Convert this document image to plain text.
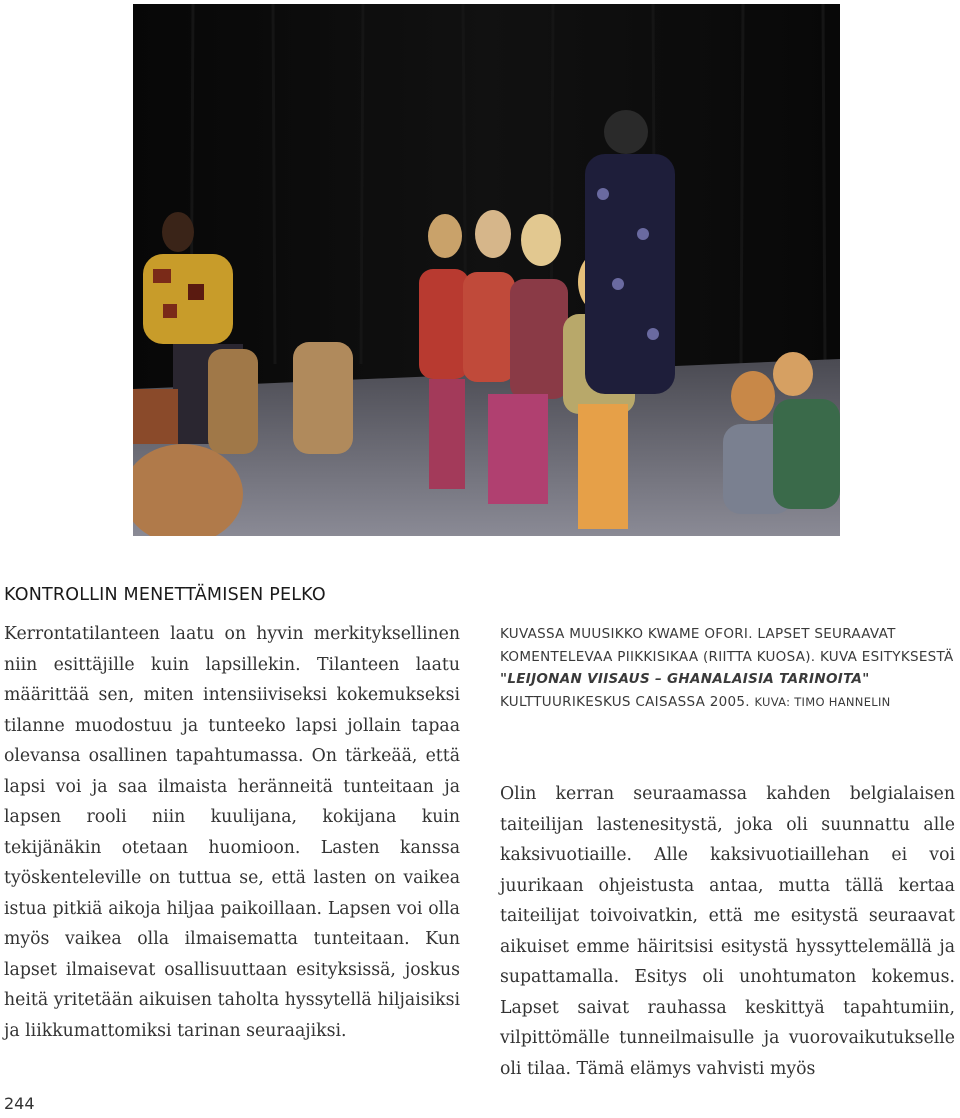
KONTROLLIN MENETTÄMISEN PELKO

Kerrontatilanteen laatu on hyvin merkityksellinen niin esittäjille kuin lapsillekin. Tilanteen laatu määrittää sen, miten intensiiviseksi kokemukseksi tilanne muodostuu ja tunteeko lapsi jollain tapaa olevansa osallinen tapahtumassa. On tärkeää, että lapsi voi ja saa ilmaista heränneitä tunteitaan ja lapsen rooli niin kuulijana, kokijana kuin tekijänäkin otetaan huomioon. Lasten kanssa työskenteleville on tuttua se, että lasten on vaikea istua pitkiä aikoja hiljaa paikoillaan. Lapsen voi olla myös vaikea olla ilmaisematta tunteitaan. Kun lapset ilmaisevat osallisuuttaan esityksissä, joskus heitä yritetään aikuisen taholta hyssytellä hiljaisiksi ja liikkumattomiksi tarinan seuraajiksi.

KUVASSA MUUSIKKO KWAME OFORI. LAPSET SEURAAVAT KOMENTELEVAA PIIKKISIKAA (RIITTA KUOSA). KUVA ESITYKSESTÄ "LEIJONAN VIISAUS – GHANALAISIA TARINOITA" KULTTUURIKESKUS CAISASSA 2005. KUVA: TIMO HANNELIN

Olin kerran seuraamassa kahden belgialaisen taiteilijan lastenesitystä, joka oli suunnattu alle kaksivuotiaille. Alle kaksivuotiaillehan ei voi juurikaan ohjeistusta antaa, mutta tällä kertaa taiteilijat toivoivatkin, että me esitystä seuraavat aikuiset emme häiritsisi esitystä hyssyttelemällä ja supattamalla. Esitys oli unohtumaton kokemus. Lapset saivat rauhassa keskittyä tapahtumiin, vilpittömälle tunneilmaisulle ja vuorovaikutukselle oli tilaa. Tämä elämys vahvisti myös

244
